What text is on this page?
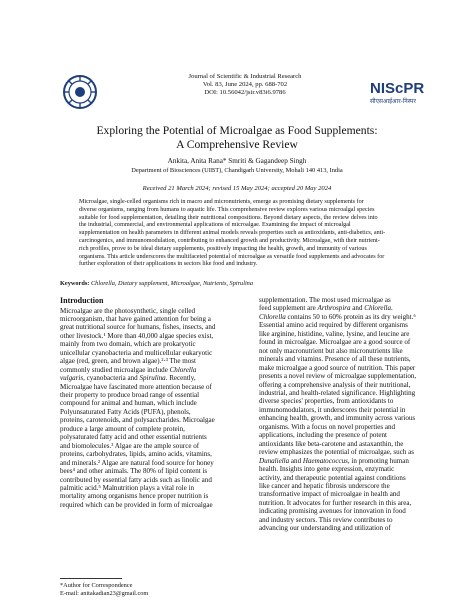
Journal of Scientific & Industrial Research
Vol. 83, June 2024, pp. 688-702
DOI: 10.56042/jsir.v83i6.9786	NIScPR
सीएसआईआर-निस्पर
Exploring the Potential of Microalgae as Food Supplements:
A Comprehensive Review
Ankita, Anita Rana* Smriti & Gagandeep Singh
Department of Biosciences (UIBT), Chandigarh University, Mohali 140 413, India
Received 21 March 2024; revised 15 May 2024; accepted 20 May 2024
Microalgae, single-celled organisms rich in macro and micronutrients, emerge as promising dietary supplements for
diverse organisms, ranging from humans to aquatic life. This comprehensive review explores various microalgal species
suitable for food supplementation, detailing their nutritional compositions. Beyond dietary aspects, the review delves into
the industrial, commercial, and environmental applications of microalgae. Examining the impact of microalgal
supplementation on health parameters in different animal models reveals properties such as antioxidants, anti-diabetics, anti-
carcinogenics, and immunomodulation, contributing to enhanced growth and productivity. Microalgae, with their nutrient-
rich profiles, prove to be ideal dietary supplements, positively impacting the health, growth, and immunity of various
organisms. This article underscores the multifaceted potential of microalgae as versatile food supplements and advocates for
further exploration of their applications in sectors like food and industry.
Keywords: Chlorella, Dietary supplement, Microalgae, Nutrients, Spirulina
Introduction
Microalgae are the photosynthetic, single celled
microorganism, that have gained attention for being a
great nutritional source for humans, fishes, insects, and
other livestock.¹ More than 40,000 algae species exist,
mainly from two domain, which are prokaryotic
unicellular cyanobacteria and multicellular eukaryotic
algae (red, green, and brown algae).²·³ The most
commonly studied microalgae include Chlorella
vulgaris, cyanobacteria and Spirulina. Recently,
Microalgae have fascinated more attention because of
their property to produce broad range of essential
compound for animal and human, which include
Polyunsaturated Fatty Acids (PUFA), phenols,
proteins, carotenoids, and polysaccharides. Microalgae
produce a large amount of complete protein,
polysaturated fatty acid and other essential nutrients
and biomolecules.³ Algae are the ample source of
proteins, carbohydrates, lipids, amino acids, vitamins,
and minerals.² Algae are natural food source for honey
bees⁴ and other animals. The 80% of lipid content is
contributed by essential fatty acids such as linolic and
palmitic acid.⁵ Malnutrition plays a vital role in
mortality among organisms hence proper nutrition is
required which can be provided in form of microalgae
supplementation. The most used microalgae as
feed supplement are Arthrospira and Chlorella.
Chlorella contains 50 to 60% protein as its dry weight.⁶
Essential amino acid required by different organisms
like arginine, histidine, valine, lysine, and leucine are
found in microalgae. Microalgae are a good source of
not only macronutrient but also micronutrients like
minerals and vitamins. Presence of all these nutrients,
make microalgae a good source of nutrition. This paper
presents a novel review of microalgae supplementation,
offering a comprehensive analysis of their nutritional,
industrial, and health-related significance. Highlighting
diverse species' properties, from antioxidants to
immunomodulators, it underscores their potential in
enhancing health, growth, and immunity across various
organisms. With a focus on novel properties and
applications, including the presence of potent
antioxidants like beta-carotene and astaxanthin, the
review emphasizes the potential of microalgae, such as
Dunaliella and Haematococcus, in promoting human
health. Insights into gene expression, enzymatic
activity, and therapeutic potential against conditions
like cancer and hepatic fibrosis underscore the
transformative impact of microalgae in health and
nutrition. It advocates for further research in this area,
indicating promising avenues for innovation in food
and industry sectors. This review contributes to
advancing our understanding and utilization of
*Author for Correspondence
E-mail: anitakadian23@gmail.com
